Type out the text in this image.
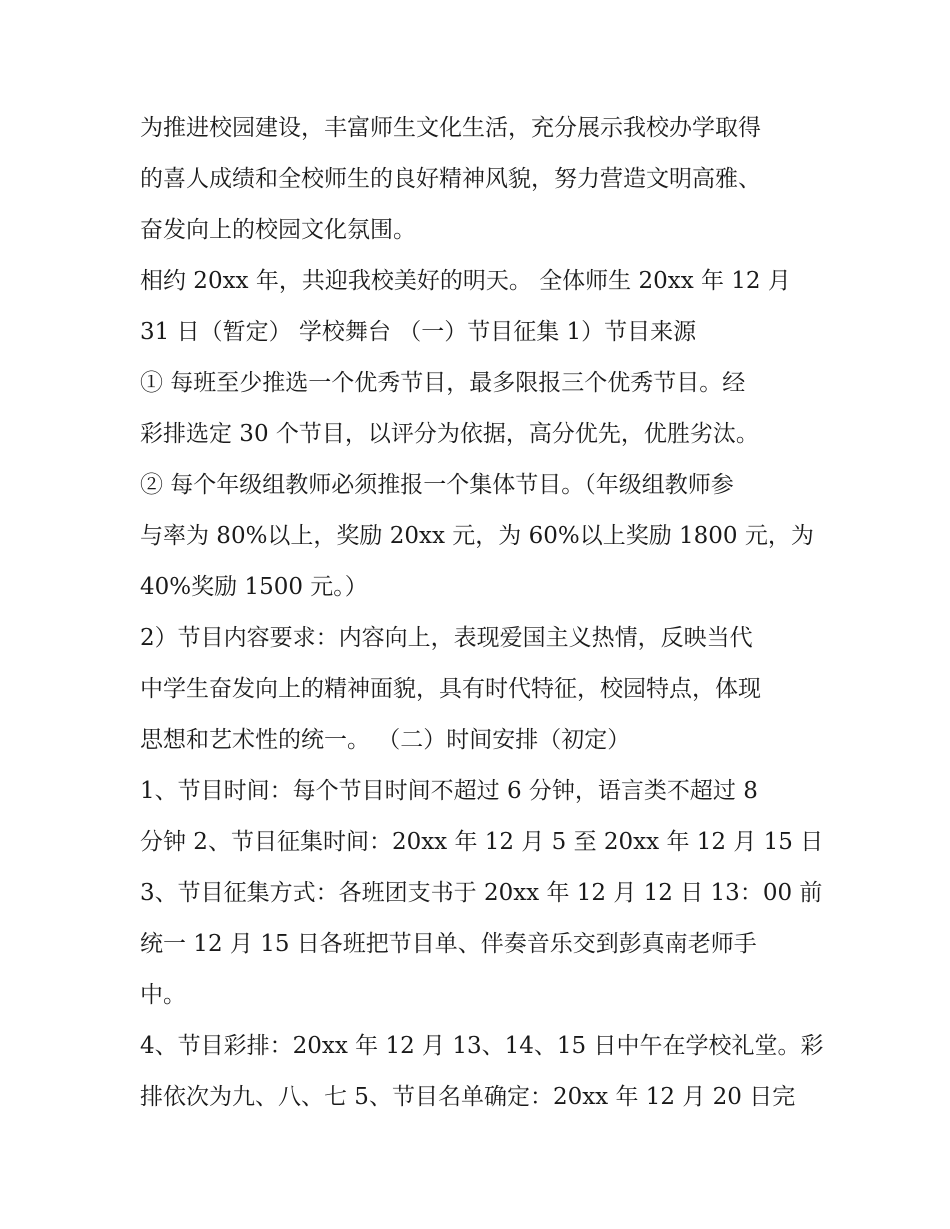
为推进校园建设，丰富师生文化生活，充分展示我校办学取得
的喜人成绩和全校师生的良好精神风貌，努力营造文明高雅、
奋发向上的校园文化氛围。
相约 20xx 年，共迎我校美好的明天。 全体师生 20xx 年 12 月
31 日（暂定） 学校舞台 （一）节目征集 1）节目来源
① 每班至少推选一个优秀节目，最多限报三个优秀节目。经
彩排选定 30 个节目，以评分为依据，高分优先，优胜劣汰。
② 每个年级组教师必须推报一个集体节目。（年级组教师参
与率为 80%以上，奖励 20xx 元，为 60%以上奖励 1800 元，为
40%奖励 1500 元。）
2）节目内容要求：内容向上，表现爱国主义热情，反映当代
中学生奋发向上的精神面貌，具有时代特征，校园特点，体现
思想和艺术性的统一。 （二）时间安排（初定）
1、节目时间：每个节目时间不超过 6 分钟，语言类不超过 8
分钟 2、节目征集时间：20xx 年 12 月 5 至 20xx 年 12 月 15 日
3、节目征集方式：各班团支书于 20xx 年 12 月 12 日 13：00 前
统一 12 月 15 日各班把节目单、伴奏音乐交到彭真南老师手
中。
4、节目彩排：20xx 年 12 月 13、14、15 日中午在学校礼堂。彩
排依次为九、八、七 5、节目名单确定：20xx 年 12 月 20 日完
